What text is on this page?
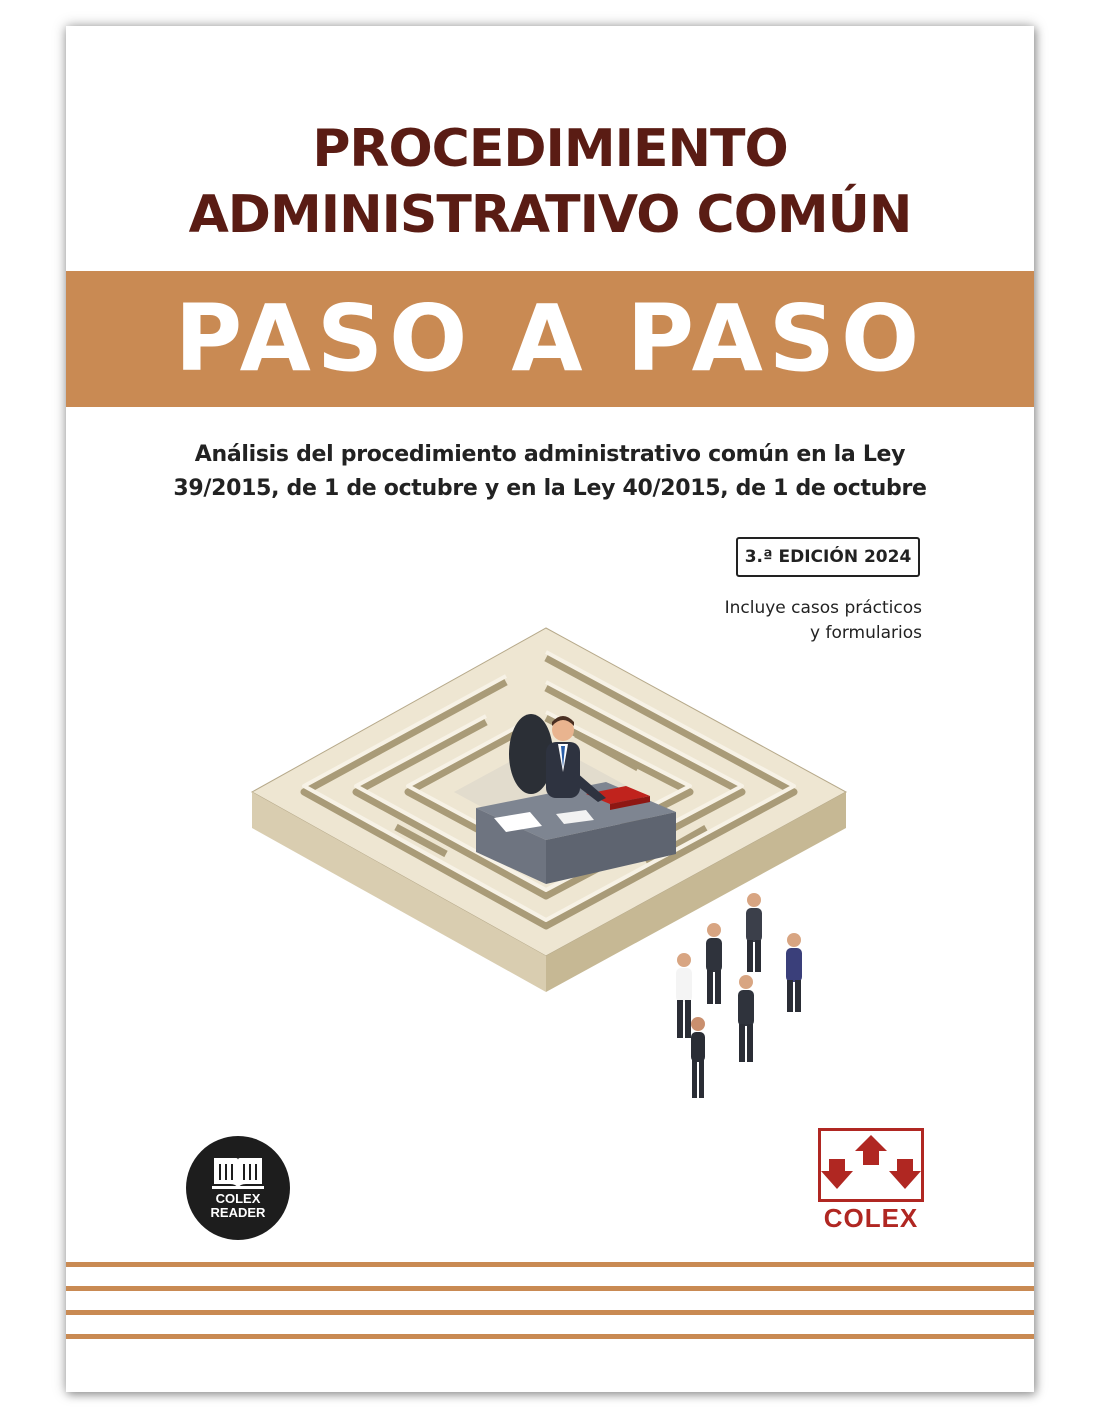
PROCEDIMIENTO
ADMINISTRATIVO COMÚN
PASO A PASO
Análisis del procedimiento administrativo común en la Ley
39/2015, de 1 de octubre y en la Ley 40/2015, de 1 de octubre
3.ª EDICIÓN 2024
Incluye casos prácticos
y formularios
COLEX
READER	COLEX
